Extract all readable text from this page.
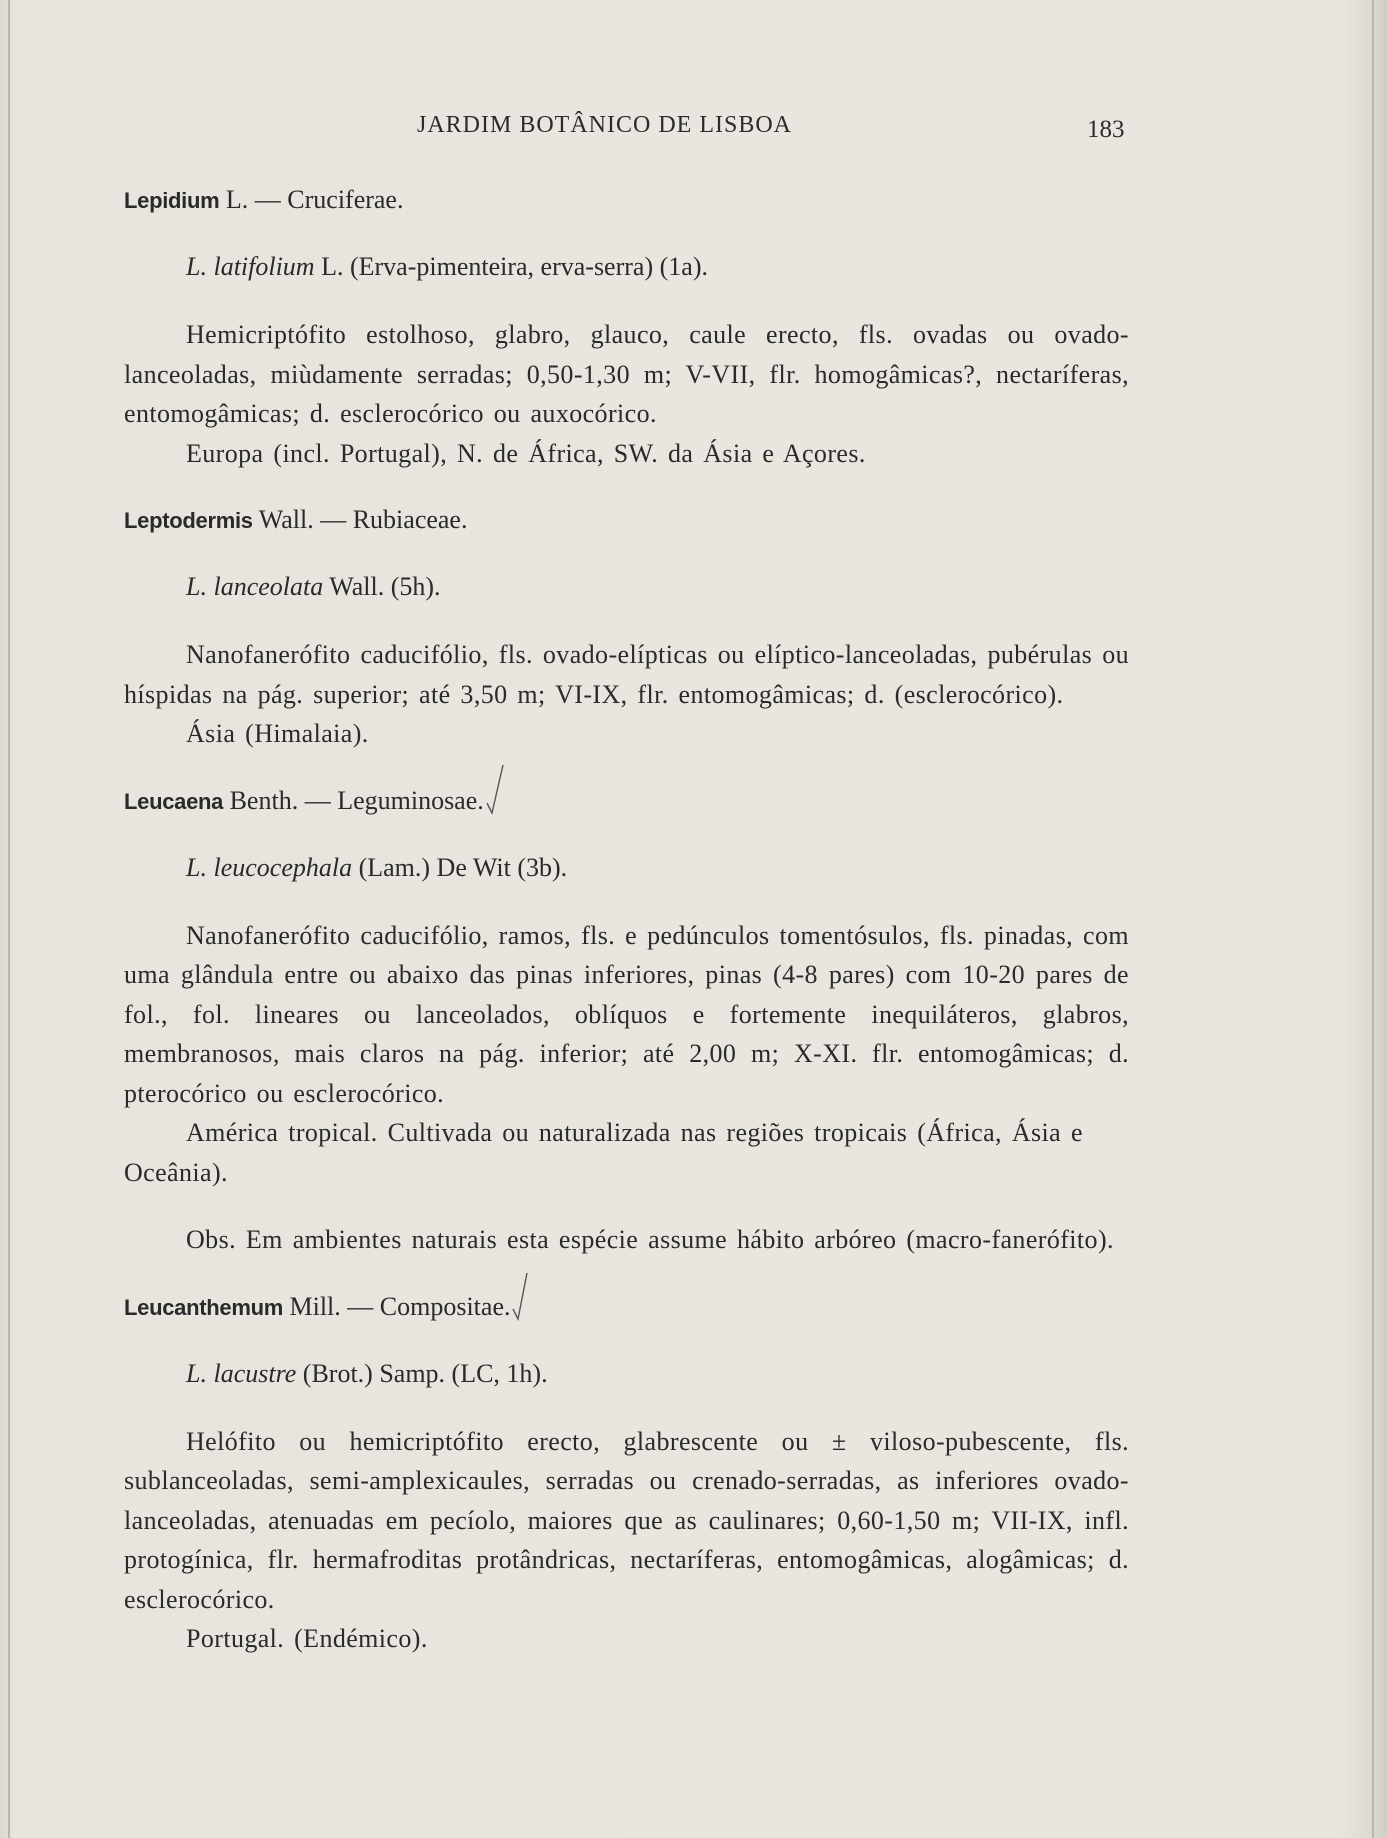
JARDIM BOTÂNICO DE LISBOA	183

Lepidium L. — Cruciferae.

L. latifolium L. (Erva-pimenteira, erva-serra) (1a).

Hemicriptófito estolhoso, glabro, glauco, caule erecto, fls. ovadas ou ovado-lanceoladas, miùdamente serradas; 0,50-1,30 m; V-VII, flr. homogâmicas?, nectaríferas, entomogâmicas; d. esclerocórico ou auxocórico.

Europa (incl. Portugal), N. de África, SW. da Ásia e Açores.

Leptodermis Wall. — Rubiaceae.

L. lanceolata Wall. (5h).

Nanofanerófito caducifólio, fls. ovado-elípticas ou elíptico-lanceoladas, pubérulas ou híspidas na pág. superior; até 3,50 m; VI-IX, flr. entomogâmicas; d. (esclerocórico).

Ásia (Himalaia).

Leucaena Benth. — Leguminosae.

L. leucocephala (Lam.) De Wit (3b).

Nanofanerófito caducifólio, ramos, fls. e pedúnculos tomentósulos, fls. pinadas, com uma glândula entre ou abaixo das pinas inferiores, pinas (4-8 pares) com 10-20 pares de fol., fol. lineares ou lanceolados, oblíquos e fortemente inequiláteros, glabros, membranosos, mais claros na pág. inferior; até 2,00 m; X-XI. flr. entomogâmicas; d. pterocórico ou esclerocórico.

América tropical. Cultivada ou naturalizada nas regiões tropicais (África, Ásia e Oceânia).

Obs. Em ambientes naturais esta espécie assume hábito arbóreo (macro-fanerófito).

Leucanthemum Mill. — Compositae.

L. lacustre (Brot.) Samp. (LC, 1h).

Helófito ou hemicriptófito erecto, glabrescente ou ± viloso-pubescente, fls. sublanceoladas, semi-amplexicaules, serradas ou crenado-serradas, as inferiores ovado-lanceoladas, atenuadas em pecíolo, maiores que as caulinares; 0,60-1,50 m; VII-IX, infl. protogínica, flr. hermafroditas protândricas, nectaríferas, entomogâmicas, alogâmicas; d. esclerocórico.

Portugal. (Endémico).
